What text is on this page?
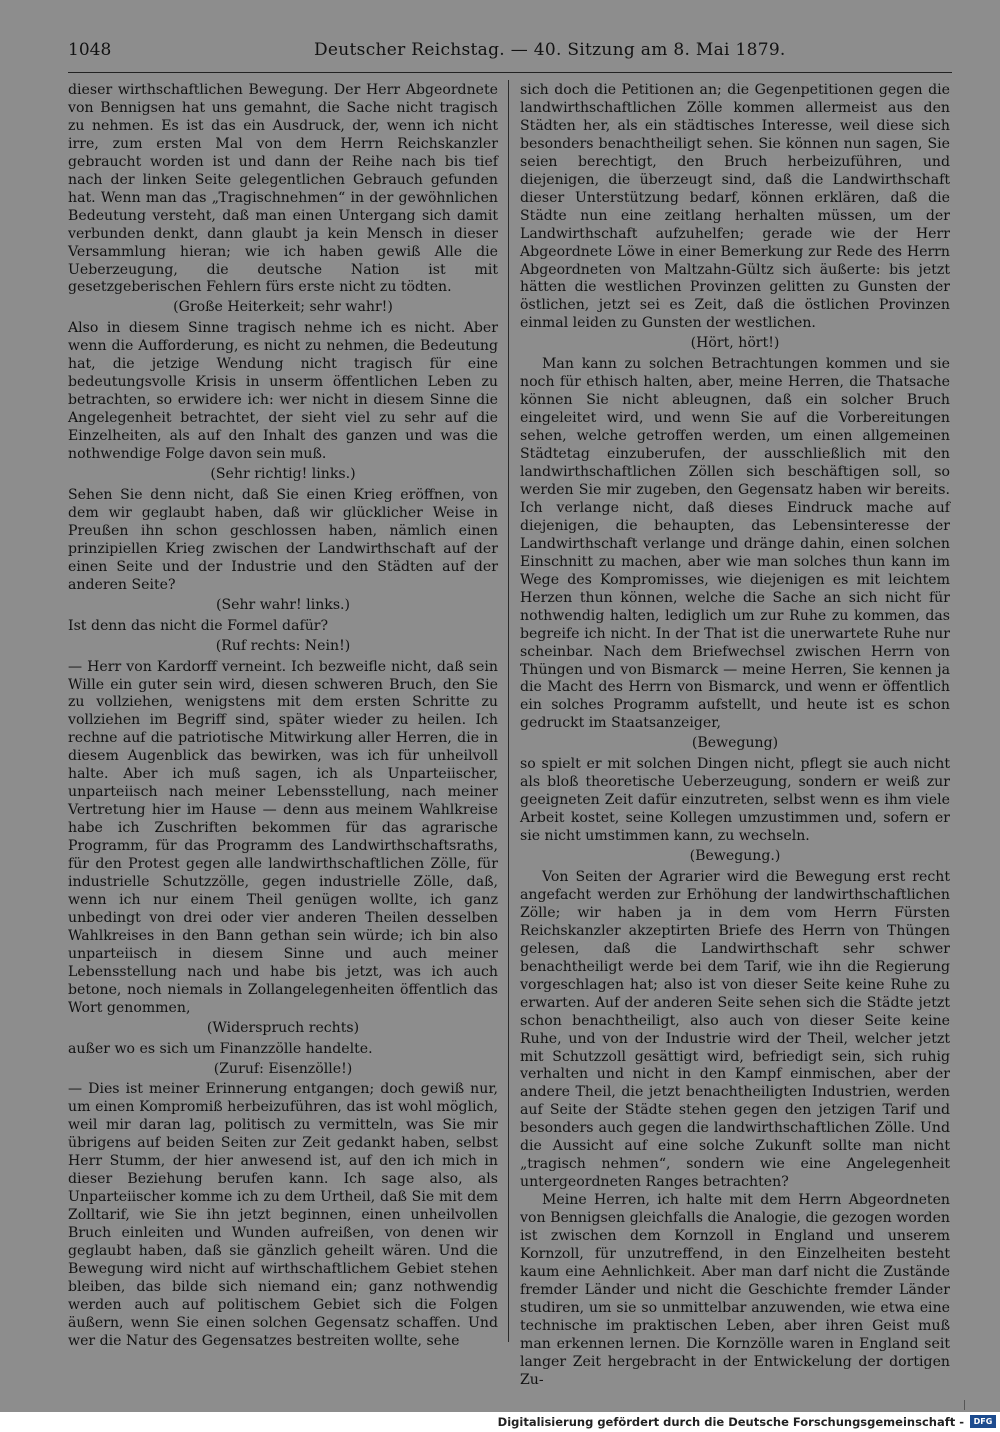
1048	Deutscher Reichstag. — 40. Sitzung am 8. Mai 1879.

dieser wirthschaftlichen Bewegung. Der Herr Abgeordnete von Bennigsen hat uns gemahnt, die Sache nicht tragisch zu nehmen. Es ist das ein Ausdruck, der, wenn ich nicht irre, zum ersten Mal von dem Herrn Reichskanzler gebraucht worden ist und dann der Reihe nach bis tief nach der linken Seite gelegentlichen Gebrauch gefunden hat. Wenn man das „Tragischnehmen“ in der gewöhnlichen Bedeutung versteht, daß man einen Untergang sich damit verbunden denkt, dann glaubt ja kein Mensch in dieser Versammlung hieran; wie ich haben gewiß Alle die Ueberzeugung, die deutsche Nation ist mit gesetzgeberischen Fehlern fürs erste nicht zu tödten.

(Große Heiterkeit; sehr wahr!)

Also in diesem Sinne tragisch nehme ich es nicht. Aber wenn die Aufforderung, es nicht zu nehmen, die Bedeutung hat, die jetzige Wendung nicht tragisch für eine bedeutungsvolle Krisis in unserm öffentlichen Leben zu betrachten, so erwidere ich: wer nicht in diesem Sinne die Angelegenheit betrachtet, der sieht viel zu sehr auf die Einzelheiten, als auf den Inhalt des ganzen und was die nothwendige Folge davon sein muß.

(Sehr richtig! links.)

Sehen Sie denn nicht, daß Sie einen Krieg eröffnen, von dem wir geglaubt haben, daß wir glücklicher Weise in Preußen ihn schon geschlossen haben, nämlich einen prinzipiellen Krieg zwischen der Landwirthschaft auf der einen Seite und der Industrie und den Städten auf der anderen Seite?

(Sehr wahr! links.)

Ist denn das nicht die Formel dafür?

(Ruf rechts: Nein!)

— Herr von Kardorff verneint. Ich bezweifle nicht, daß sein Wille ein guter sein wird, diesen schweren Bruch, den Sie zu vollziehen, wenigstens mit dem ersten Schritte zu vollziehen im Begriff sind, später wieder zu heilen. Ich rechne auf die patriotische Mitwirkung aller Herren, die in diesem Augenblick das bewirken, was ich für unheilvoll halte. Aber ich muß sagen, ich als Unparteiischer, unparteiisch nach meiner Lebensstellung, nach meiner Vertretung hier im Hause — denn aus meinem Wahlkreise habe ich Zuschriften bekommen für das agrarische Programm, für das Programm des Landwirthschaftsraths, für den Protest gegen alle landwirthschaftlichen Zölle, für industrielle Schutzzölle, gegen industrielle Zölle, daß, wenn ich nur einem Theil genügen wollte, ich ganz unbedingt von drei oder vier anderen Theilen desselben Wahlkreises in den Bann gethan sein würde; ich bin also unparteiisch in diesem Sinne und auch meiner Lebensstellung nach und habe bis jetzt, was ich auch betone, noch niemals in Zollangelegenheiten öffentlich das Wort genommen,

(Widerspruch rechts)

außer wo es sich um Finanzzölle handelte.

(Zuruf: Eisenzölle!)

— Dies ist meiner Erinnerung entgangen; doch gewiß nur, um einen Kompromiß herbeizuführen, das ist wohl möglich, weil mir daran lag, politisch zu vermitteln, was Sie mir übrigens auf beiden Seiten zur Zeit gedankt haben, selbst Herr Stumm, der hier anwesend ist, auf den ich mich in dieser Beziehung berufen kann. Ich sage also, als Unparteiischer komme ich zu dem Urtheil, daß Sie mit dem Zolltarif, wie Sie ihn jetzt beginnen, einen unheilvollen Bruch einleiten und Wunden aufreißen, von denen wir geglaubt haben, daß sie gänzlich geheilt wären. Und die Bewegung wird nicht auf wirthschaftlichem Gebiet stehen bleiben, das bilde sich niemand ein; ganz nothwendig werden auch auf politischem Gebiet sich die Folgen äußern, wenn Sie einen solchen Gegensatz schaffen. Und wer die Natur des Gegensatzes bestreiten wollte, sehe

sich doch die Petitionen an; die Gegenpetitionen gegen die landwirthschaftlichen Zölle kommen allermeist aus den Städten her, als ein städtisches Interesse, weil diese sich besonders benachtheiligt sehen. Sie können nun sagen, Sie seien berechtigt, den Bruch herbeizuführen, und diejenigen, die überzeugt sind, daß die Landwirthschaft dieser Unterstützung bedarf, können erklären, daß die Städte nun eine zeitlang herhalten müssen, um der Landwirthschaft aufzuhelfen; gerade wie der Herr Abgeordnete Löwe in einer Bemerkung zur Rede des Herrn Abgeordneten von Maltzahn-Gültz sich äußerte: bis jetzt hätten die westlichen Provinzen gelitten zu Gunsten der östlichen, jetzt sei es Zeit, daß die östlichen Provinzen einmal leiden zu Gunsten der westlichen.

(Hört, hört!)

Man kann zu solchen Betrachtungen kommen und sie noch für ethisch halten, aber, meine Herren, die Thatsache können Sie nicht ableugnen, daß ein solcher Bruch eingeleitet wird, und wenn Sie auf die Vorbereitungen sehen, welche getroffen werden, um einen allgemeinen Städtetag einzuberufen, der ausschließlich mit den landwirthschaftlichen Zöllen sich beschäftigen soll, so werden Sie mir zugeben, den Gegensatz haben wir bereits. Ich verlange nicht, daß dieses Eindruck mache auf diejenigen, die behaupten, das Lebensinteresse der Landwirthschaft verlange und dränge dahin, einen solchen Einschnitt zu machen, aber wie man solches thun kann im Wege des Kompromisses, wie diejenigen es mit leichtem Herzen thun können, welche die Sache an sich nicht für nothwendig halten, lediglich um zur Ruhe zu kommen, das begreife ich nicht. In der That ist die unerwartete Ruhe nur scheinbar. Nach dem Briefwechsel zwischen Herrn von Thüngen und von Bismarck — meine Herren, Sie kennen ja die Macht des Herrn von Bismarck, und wenn er öffentlich ein solches Programm aufstellt, und heute ist es schon gedruckt im Staatsanzeiger,

(Bewegung)

so spielt er mit solchen Dingen nicht, pflegt sie auch nicht als bloß theoretische Ueberzeugung, sondern er weiß zur geeigneten Zeit dafür einzutreten, selbst wenn es ihm viele Arbeit kostet, seine Kollegen umzustimmen und, sofern er sie nicht umstimmen kann, zu wechseln.

(Bewegung.)

Von Seiten der Agrarier wird die Bewegung erst recht angefacht werden zur Erhöhung der landwirthschaftlichen Zölle; wir haben ja in dem vom Herrn Fürsten Reichskanzler akzeptirten Briefe des Herrn von Thüngen gelesen, daß die Landwirthschaft sehr schwer benachtheiligt werde bei dem Tarif, wie ihn die Regierung vorgeschlagen hat; also ist von dieser Seite keine Ruhe zu erwarten. Auf der anderen Seite sehen sich die Städte jetzt schon benachtheiligt, also auch von dieser Seite keine Ruhe, und von der Industrie wird der Theil, welcher jetzt mit Schutzzoll gesättigt wird, befriedigt sein, sich ruhig verhalten und nicht in den Kampf einmischen, aber der andere Theil, die jetzt benachtheiligten Industrien, werden auf Seite der Städte stehen gegen den jetzigen Tarif und besonders auch gegen die landwirthschaftlichen Zölle. Und die Aussicht auf eine solche Zukunft sollte man nicht „tragisch nehmen“, sondern wie eine Angelegenheit untergeordneten Ranges betrachten?

Meine Herren, ich halte mit dem Herrn Abgeordneten von Bennigsen gleichfalls die Analogie, die gezogen worden ist zwischen dem Kornzoll in England und unserem Kornzoll, für unzutreffend, in den Einzelheiten besteht kaum eine Aehnlichkeit. Aber man darf nicht die Zustände fremder Länder und nicht die Geschichte fremder Länder studiren, um sie so unmittelbar anzuwenden, wie etwa eine technische im praktischen Leben, aber ihren Geist muß man erkennen lernen. Die Kornzölle waren in England seit langer Zeit hergebracht in der Entwickelung der dortigen Zu-

Digitalisierung gefördert durch die Deutsche Forschungsgemeinschaft -	DFG
